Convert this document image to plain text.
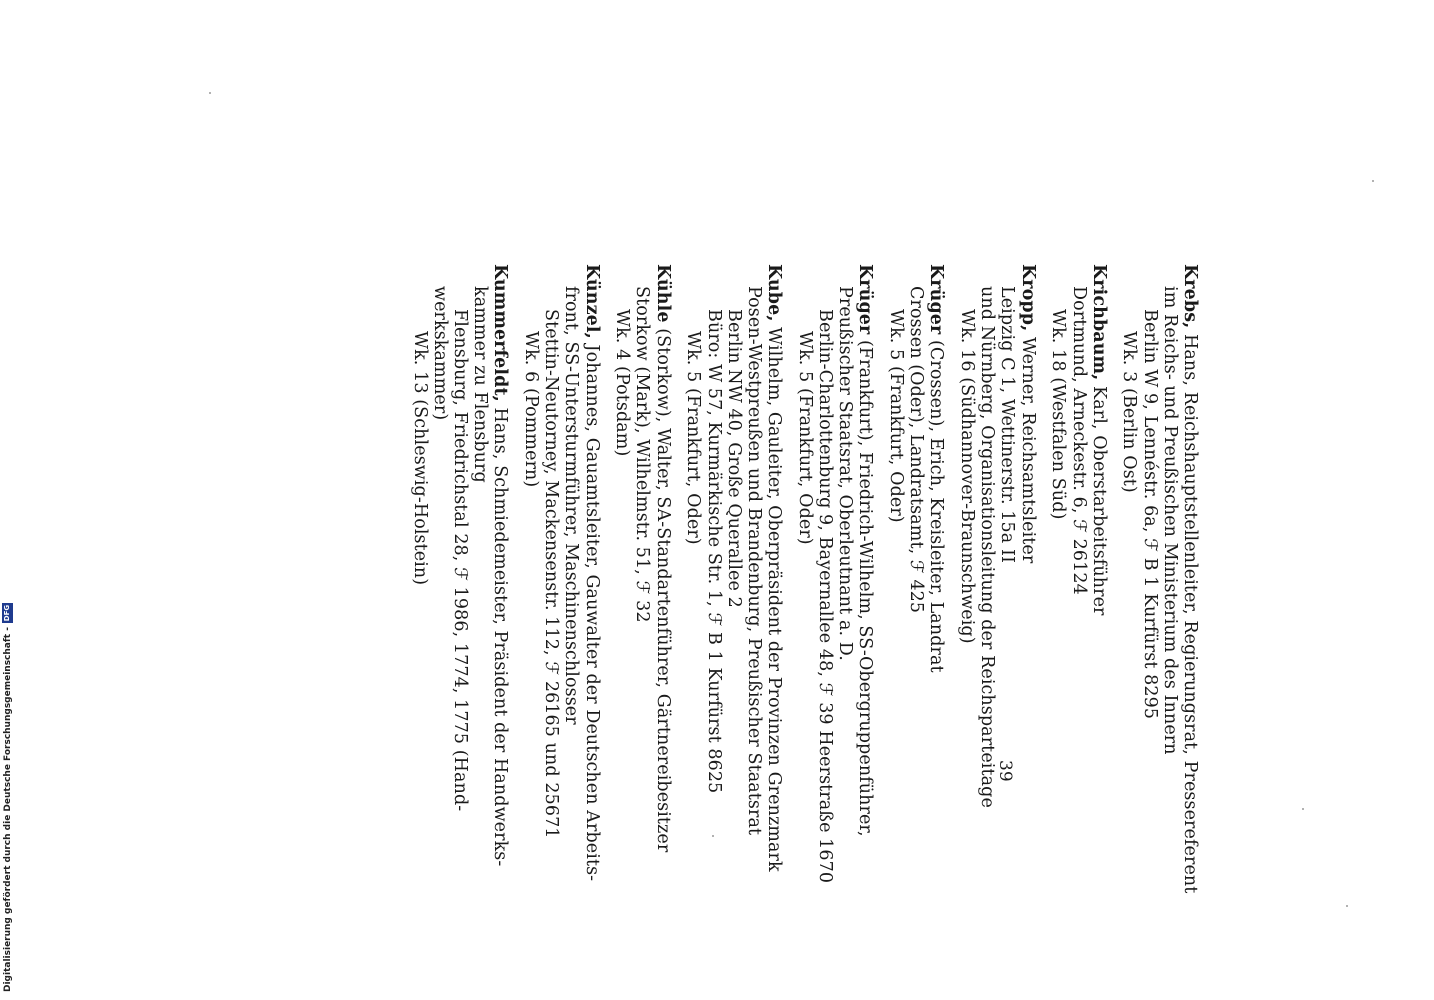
Krebs, Hans, Reichshauptstellenleiter, Regierungsrat, Pressereferent
im Reichs- und Preußischen Ministerium des Innern
Berlin W 9, Lennéstr. 6a, ℱ B 1 Kurfürst 8295
Wk. 3 (Berlin Ost)
Krichbaum, Karl, Oberstarbeitsführer
Dortmund, Arneckestr. 6, ℱ 26124
Wk. 18 (Westfalen Süd)
Kropp, Werner, Reichsamtsleiter
Leipzig C 1, Wettinerstr. 15a II
und Nürnberg, Organisationsleitung der Reichsparteitage
Wk. 16 (Südhannover-Braunschweig)
Krüger (Crossen), Erich, Kreisleiter, Landrat
Crossen (Oder), Landratsamt, ℱ 425
Wk. 5 (Frankfurt, Oder)
Krüger (Frankfurt), Friedrich-Wilhelm, SS-Obergruppenführer,
Preußischer Staatsrat, Oberleutnant a. D.
Berlin-Charlottenburg 9, Bayernallee 48, ℱ 39 Heerstraße 1670
Wk. 5 (Frankfurt, Oder)
Kube, Wilhelm, Gauleiter, Oberpräsident der Provinzen Grenzmark
Posen-Westpreußen und Brandenburg, Preußischer Staatsrat
Berlin NW 40, Große Querallee 2
Büro: W 57, Kurmärkische Str. 1, ℱ B 1 Kurfürst 8625
Wk. 5 (Frankfurt, Oder)
Kühle (Storkow), Walter, SA-Standartenführer, Gärtnereibesitzer
Storkow (Mark), Wilhelmstr. 51, ℱ 32
Wk. 4 (Potsdam)
Künzel, Johannes, Gauamtsleiter, Gauwalter der Deutschen Arbeits-
front, SS-Untersturmführer, Maschinenschlosser
Stettin-Neutorney, Mackensenstr. 112, ℱ 26165 und 25671
Wk. 6 (Pommern)
Kummerfeldt, Hans, Schmiedemeister, Präsident der Handwerks-
kammer zu Flensburg
Flensburg, Friedrichstal 28, ℱ 1986, 1774, 1775 (Hand-
werkskammer)
Wk. 13 (Schleswig-Holstein)
39
Digitalisierung gefördert durch die Deutsche Forschungsgemeinschaft -
DFG
